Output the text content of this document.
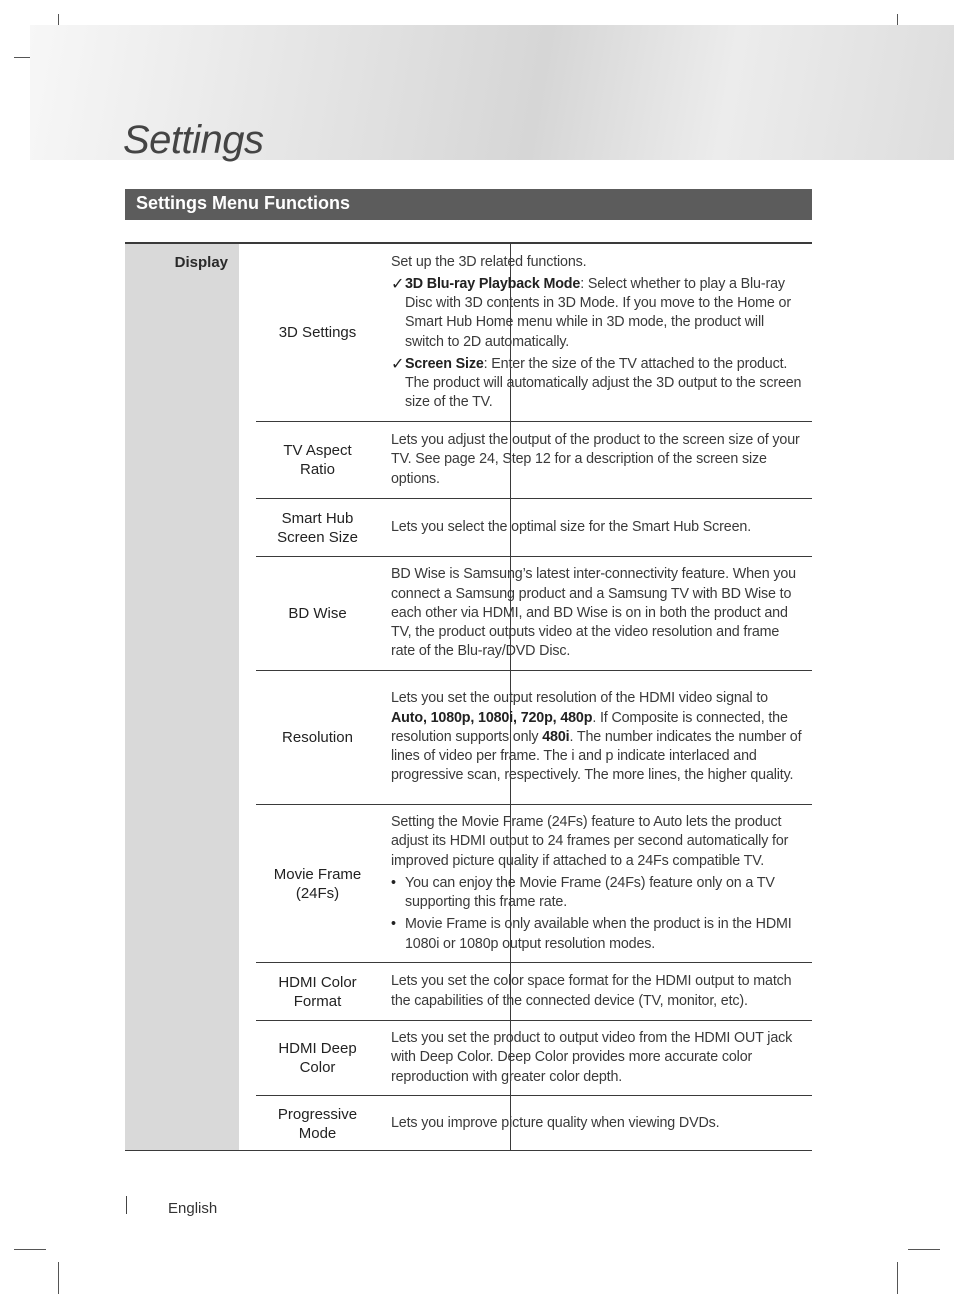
Settings
Settings Menu Functions
Display
3D Settings

Set up the 3D related functions.

✓ 3D Blu-ray Playback Mode: Select whether to play a Blu-ray Disc with 3D contents in 3D Mode. If you move to the Home or Smart Hub Home menu while in 3D mode, the product will switch to 2D automatically.
✓ Screen Size: Enter the size of the TV attached to the product. The product will automatically adjust the 3D output to the screen size of the TV.
TV Aspect Ratio

Lets you adjust the output of the product to the screen size of your TV. See page 24, Step 12 for a description of the screen size options.

Smart Hub Screen Size

Lets you select the optimal size for the Smart Hub Screen.

BD Wise

BD Wise is Samsung’s latest inter-connectivity feature. When you connect a Samsung product and a Samsung TV with BD Wise to each other via HDMI, and BD Wise is on in both the product and TV, the product outputs video at the video resolution and frame rate of the Blu-ray/DVD Disc.

Resolution

Lets you set the output resolution of the HDMI video signal to Auto, 1080p, 1080i, 720p, 480p. If Composite is connected, the resolution supports only 480i. The number indicates the number of lines of video per frame. The i and p indicate interlaced and progressive scan, respectively. The more lines, the higher quality.

Movie Frame (24Fs)

Setting the Movie Frame (24Fs) feature to Auto lets the product adjust its HDMI output to 24 frames per second automatically for improved picture quality if attached to a 24Fs compatible TV.

• You can enjoy the Movie Frame (24Fs) feature only on a TV supporting this frame rate.
• Movie Frame is only available when the product is in the HDMI 1080i or 1080p output resolution modes.
HDMI Color Format

Lets you set the color space format for the HDMI output to match the capabilities of the connected device (TV, monitor, etc).

HDMI Deep Color

Lets you set the product to output video from the HDMI OUT jack with Deep Color. Deep Color provides more accurate color reproduction with greater color depth.

Progressive Mode

Lets you improve picture quality when viewing DVDs.

English
